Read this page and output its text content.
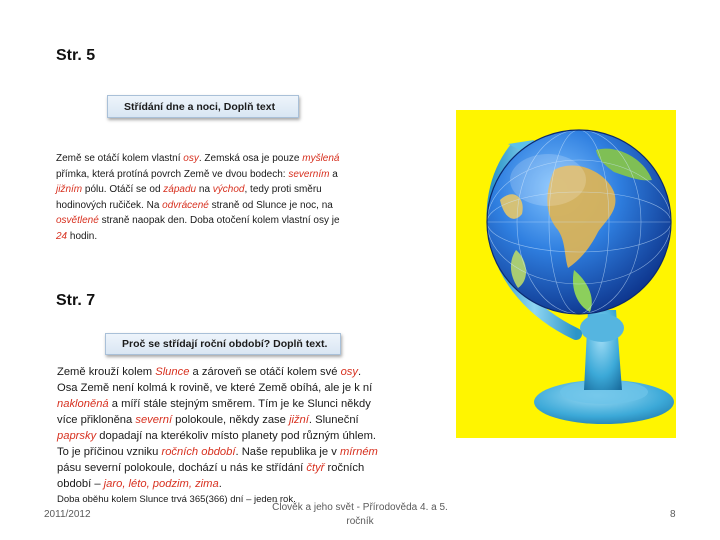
Str. 5
Střídání dne a noci, Doplň text
Země se otáčí kolem vlastní osy. Zemská osa je pouze myšlená
přímka, která protíná povrch Země ve dvou bodech: severním a
jižním pólu. Otáčí se od západu na východ, tedy proti směru
hodinových ručiček. Na odvrácené straně od Slunce je noc, na
osvětlené straně naopak den. Doba otočení kolem vlastní osy je
24 hodin.
Str. 7
Proč se střídají roční období? Doplň text.
Země krouží kolem Slunce a zároveň se otáčí kolem své osy.
Osa Země není kolmá k rovině, ve které Země obíhá, ale je k ní
nakloněná a míří stále stejným směrem. Tím je ke Slunci někdy
více přikloněna severní polokoule, někdy zase jižní. Sluneční
paprsky dopadají na kterékoliv místo planety pod různým úhlem.
To je příčinou vzniku ročních období. Naše republika je v mírném
pásu severní polokoule, dochází u nás ke střídání čtyř ročních
období – jaro, léto, podzim, zima.
Doba oběhu kolem Slunce trvá 365(366) dní – jeden rok.
2011/2012
Člověk a jeho svět - Přírodověda 4. a 5.
ročník
8
